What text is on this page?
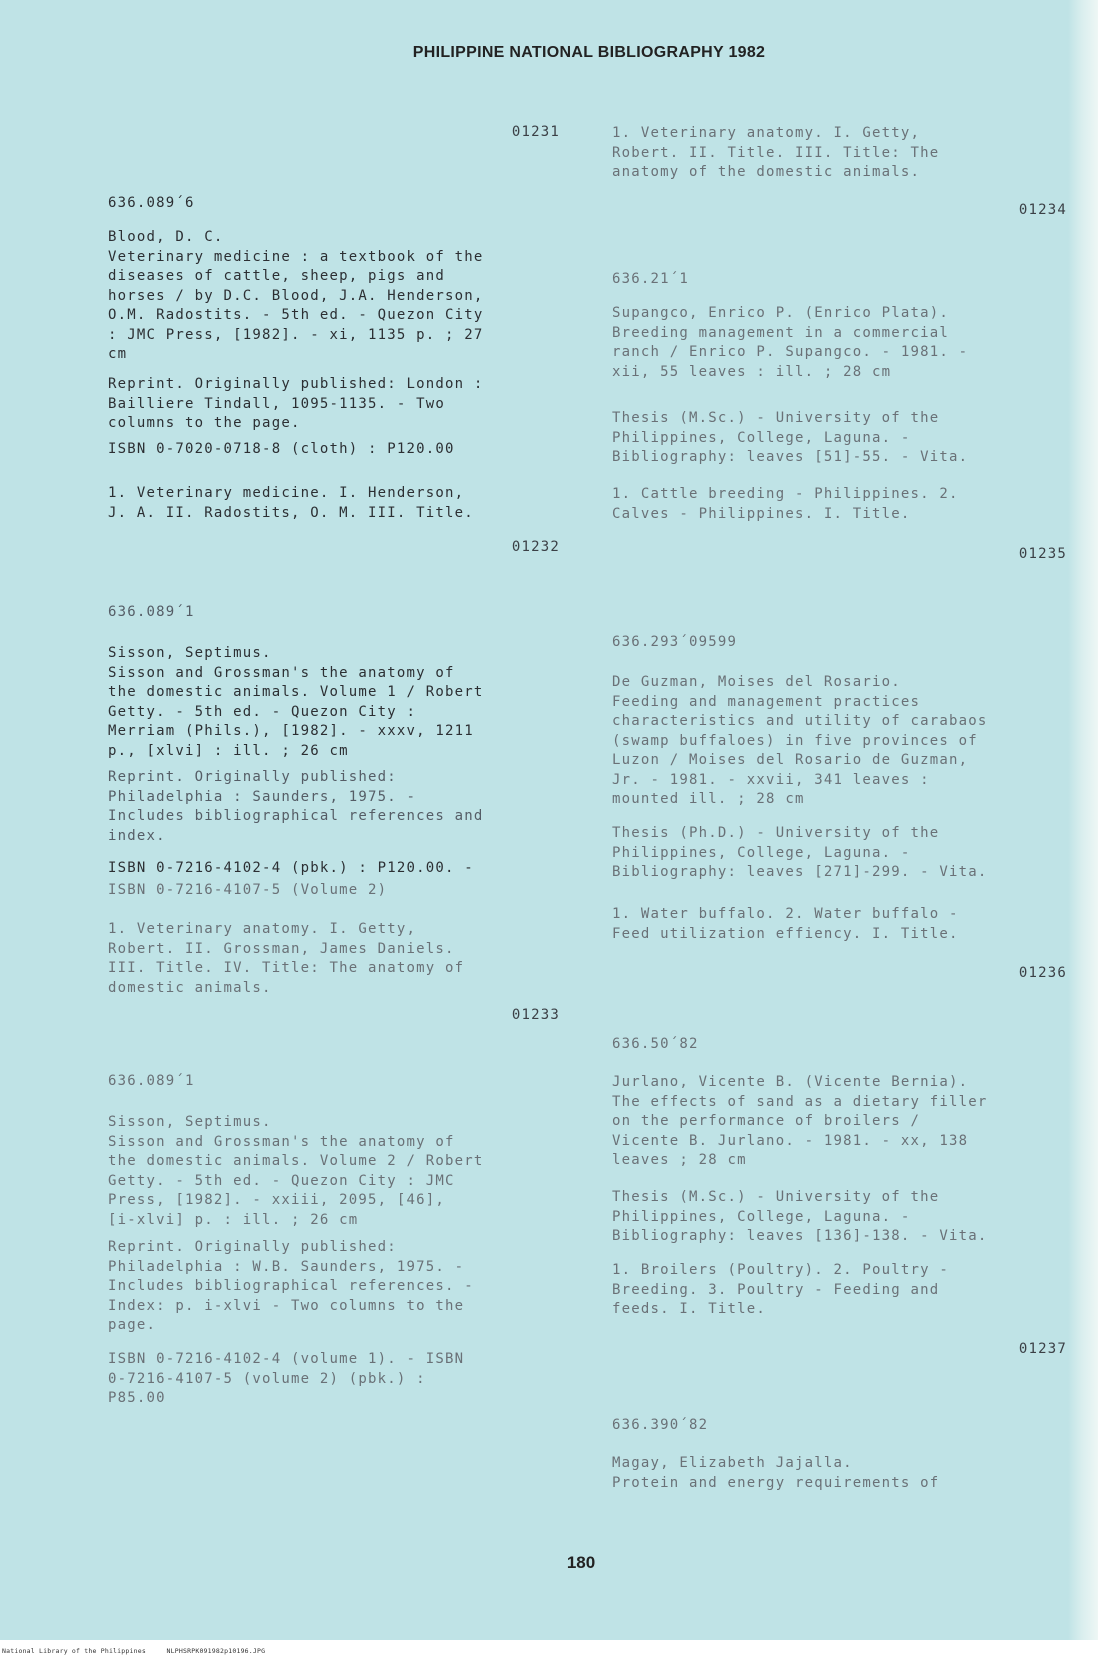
PHILIPPINE NATIONAL BIBLIOGRAPHY 1982

01231

636.089´6

Blood, D. C.
Veterinary medicine : a textbook of the
diseases of cattle, sheep, pigs and
horses / by D.C. Blood, J.A. Henderson,
O.M. Radostits. - 5th ed. - Quezon City
: JMC Press, [1982]. - xi, 1135 p. ; 27
cm

Reprint. Originally published: London :
Bailliere Tindall, 1095-1135. - Two
columns to the page.

ISBN 0-7020-0718-8 (cloth) : P120.00

1. Veterinary medicine. I. Henderson,
J. A. II. Radostits, O. M. III. Title.

01232

636.089´1

Sisson, Septimus.
Sisson and Grossman's the anatomy of
the domestic animals. Volume 1 / Robert
Getty. - 5th ed. - Quezon City :
Merriam (Phils.), [1982]. - xxxv, 1211
p., [xlvi] : ill. ; 26 cm

Reprint. Originally published:
Philadelphia : Saunders, 1975. -
Includes bibliographical references and
index.

ISBN 0-7216-4102-4 (pbk.) : P120.00. -

ISBN 0-7216-4107-5 (Volume 2)

1. Veterinary anatomy. I. Getty,
Robert. II. Grossman, James Daniels.
III. Title. IV. Title: The anatomy of
domestic animals.

01233

636.089´1

Sisson, Septimus.
Sisson and Grossman's the anatomy of
the domestic animals. Volume 2 / Robert
Getty. - 5th ed. - Quezon City : JMC
Press, [1982]. - xxiii, 2095, [46],
[i-xlvi] p. : ill. ; 26 cm

Reprint. Originally published:
Philadelphia : W.B. Saunders, 1975. -
Includes bibliographical references. -
Index: p. i-xlvi - Two columns to the
page.

ISBN 0-7216-4102-4 (volume 1). - ISBN
0-7216-4107-5 (volume 2) (pbk.) :
P85.00

1. Veterinary anatomy. I. Getty,
Robert. II. Title. III. Title: The
anatomy of the domestic animals.

01234

636.21´1

Supangco, Enrico P. (Enrico Plata).
Breeding management in a commercial
ranch / Enrico P. Supangco. - 1981. -
xii, 55 leaves : ill. ; 28 cm

Thesis (M.Sc.) - University of the
Philippines, College, Laguna. -
Bibliography: leaves [51]-55. - Vita.

1. Cattle breeding - Philippines. 2.
Calves - Philippines. I. Title.

01235

636.293´09599

De Guzman, Moises del Rosario.
Feeding and management practices
characteristics and utility of carabaos
(swamp buffaloes) in five provinces of
Luzon / Moises del Rosario de Guzman,
Jr. - 1981. - xxvii, 341 leaves :
mounted ill. ; 28 cm

Thesis (Ph.D.) - University of the
Philippines, College, Laguna. -
Bibliography: leaves [271]-299. - Vita.

1. Water buffalo. 2. Water buffalo -
Feed utilization effiency. I. Title.

01236

636.50´82

Jurlano, Vicente B. (Vicente Bernia).
The effects of sand as a dietary filler
on the performance of broilers /
Vicente B. Jurlano. - 1981. - xx, 138
leaves ; 28 cm

Thesis (M.Sc.) - University of the
Philippines, College, Laguna. -
Bibliography: leaves [136]-138. - Vita.

1. Broilers (Poultry). 2. Poultry -
Breeding. 3. Poultry - Feeding and
feeds. I. Title.

01237

636.390´82

Magay, Elizabeth Jajalla.
Protein and energy requirements of

180
National Library of the Philippines     NLPHSRPK091982p10196.JPG
